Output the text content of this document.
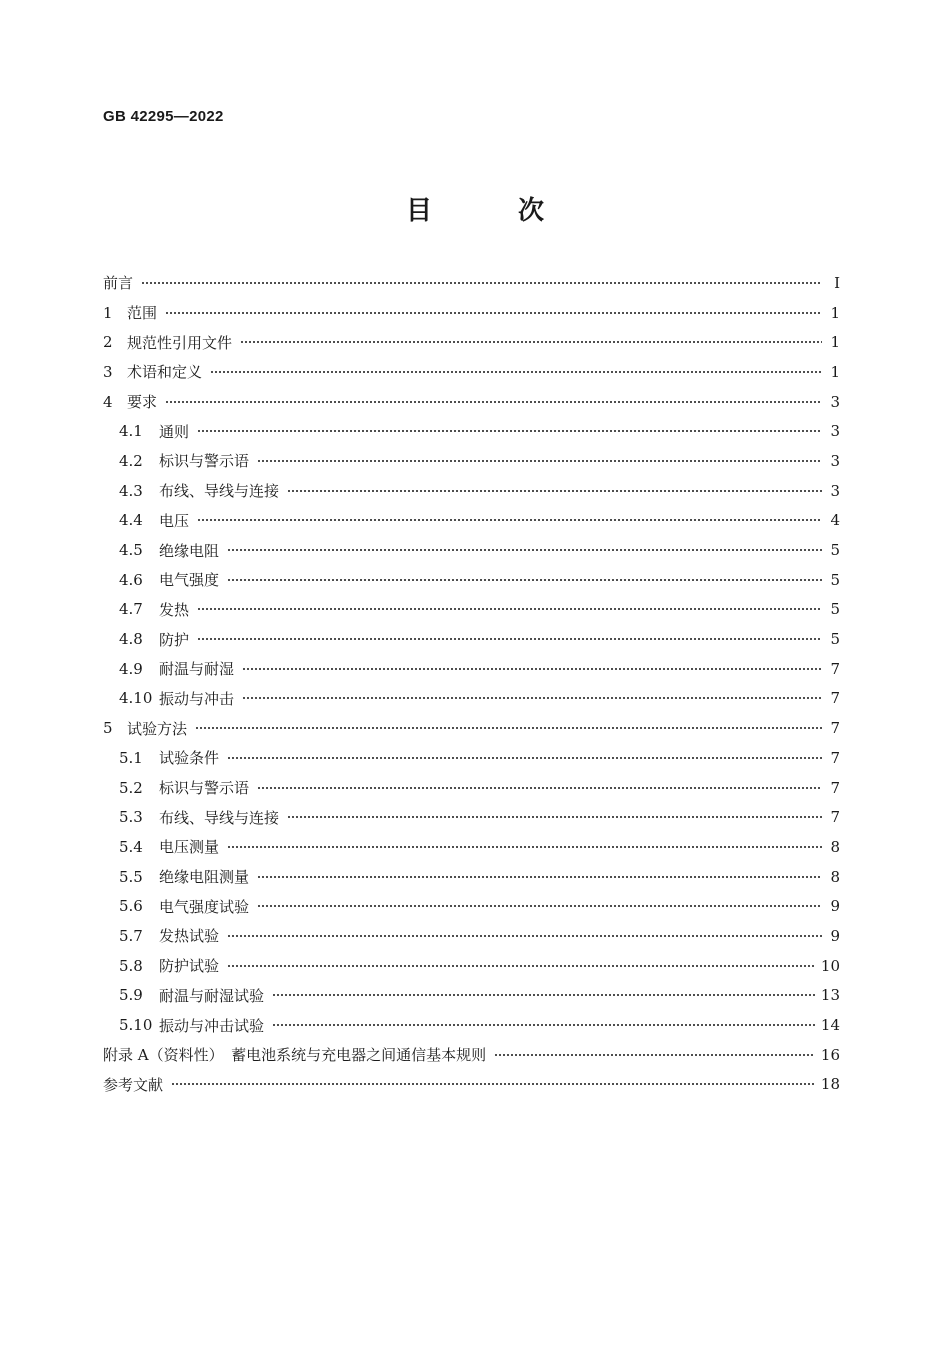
GB 42295—2022
目　次
前言	Ⅰ
1 范围	1
2 规范性引用文件	1
3 术语和定义	1
4 要求	3
4.1	通则	3
4.2	标识与警示语	3
4.3	布线、导线与连接	3
4.4	电压	4
4.5	绝缘电阻	5
4.6	电气强度	5
4.7	发热	5
4.8	防护	5
4.9	耐温与耐湿	7
4.10 振动与冲击	7
5 试验方法	7
5.1	试验条件	7
5.2	标识与警示语	7
5.3	布线、导线与连接	7
5.4	电压测量	8
5.5	绝缘电阻测量	8
5.6	电气强度试验	9
5.7	发热试验	9
5.8	防护试验	10
5.9	耐温与耐湿试验	13
5.10 振动与冲击试验	14
附录 A（资料性）　蓄电池系统与充电器之间通信基本规则	16
参考文献	18
